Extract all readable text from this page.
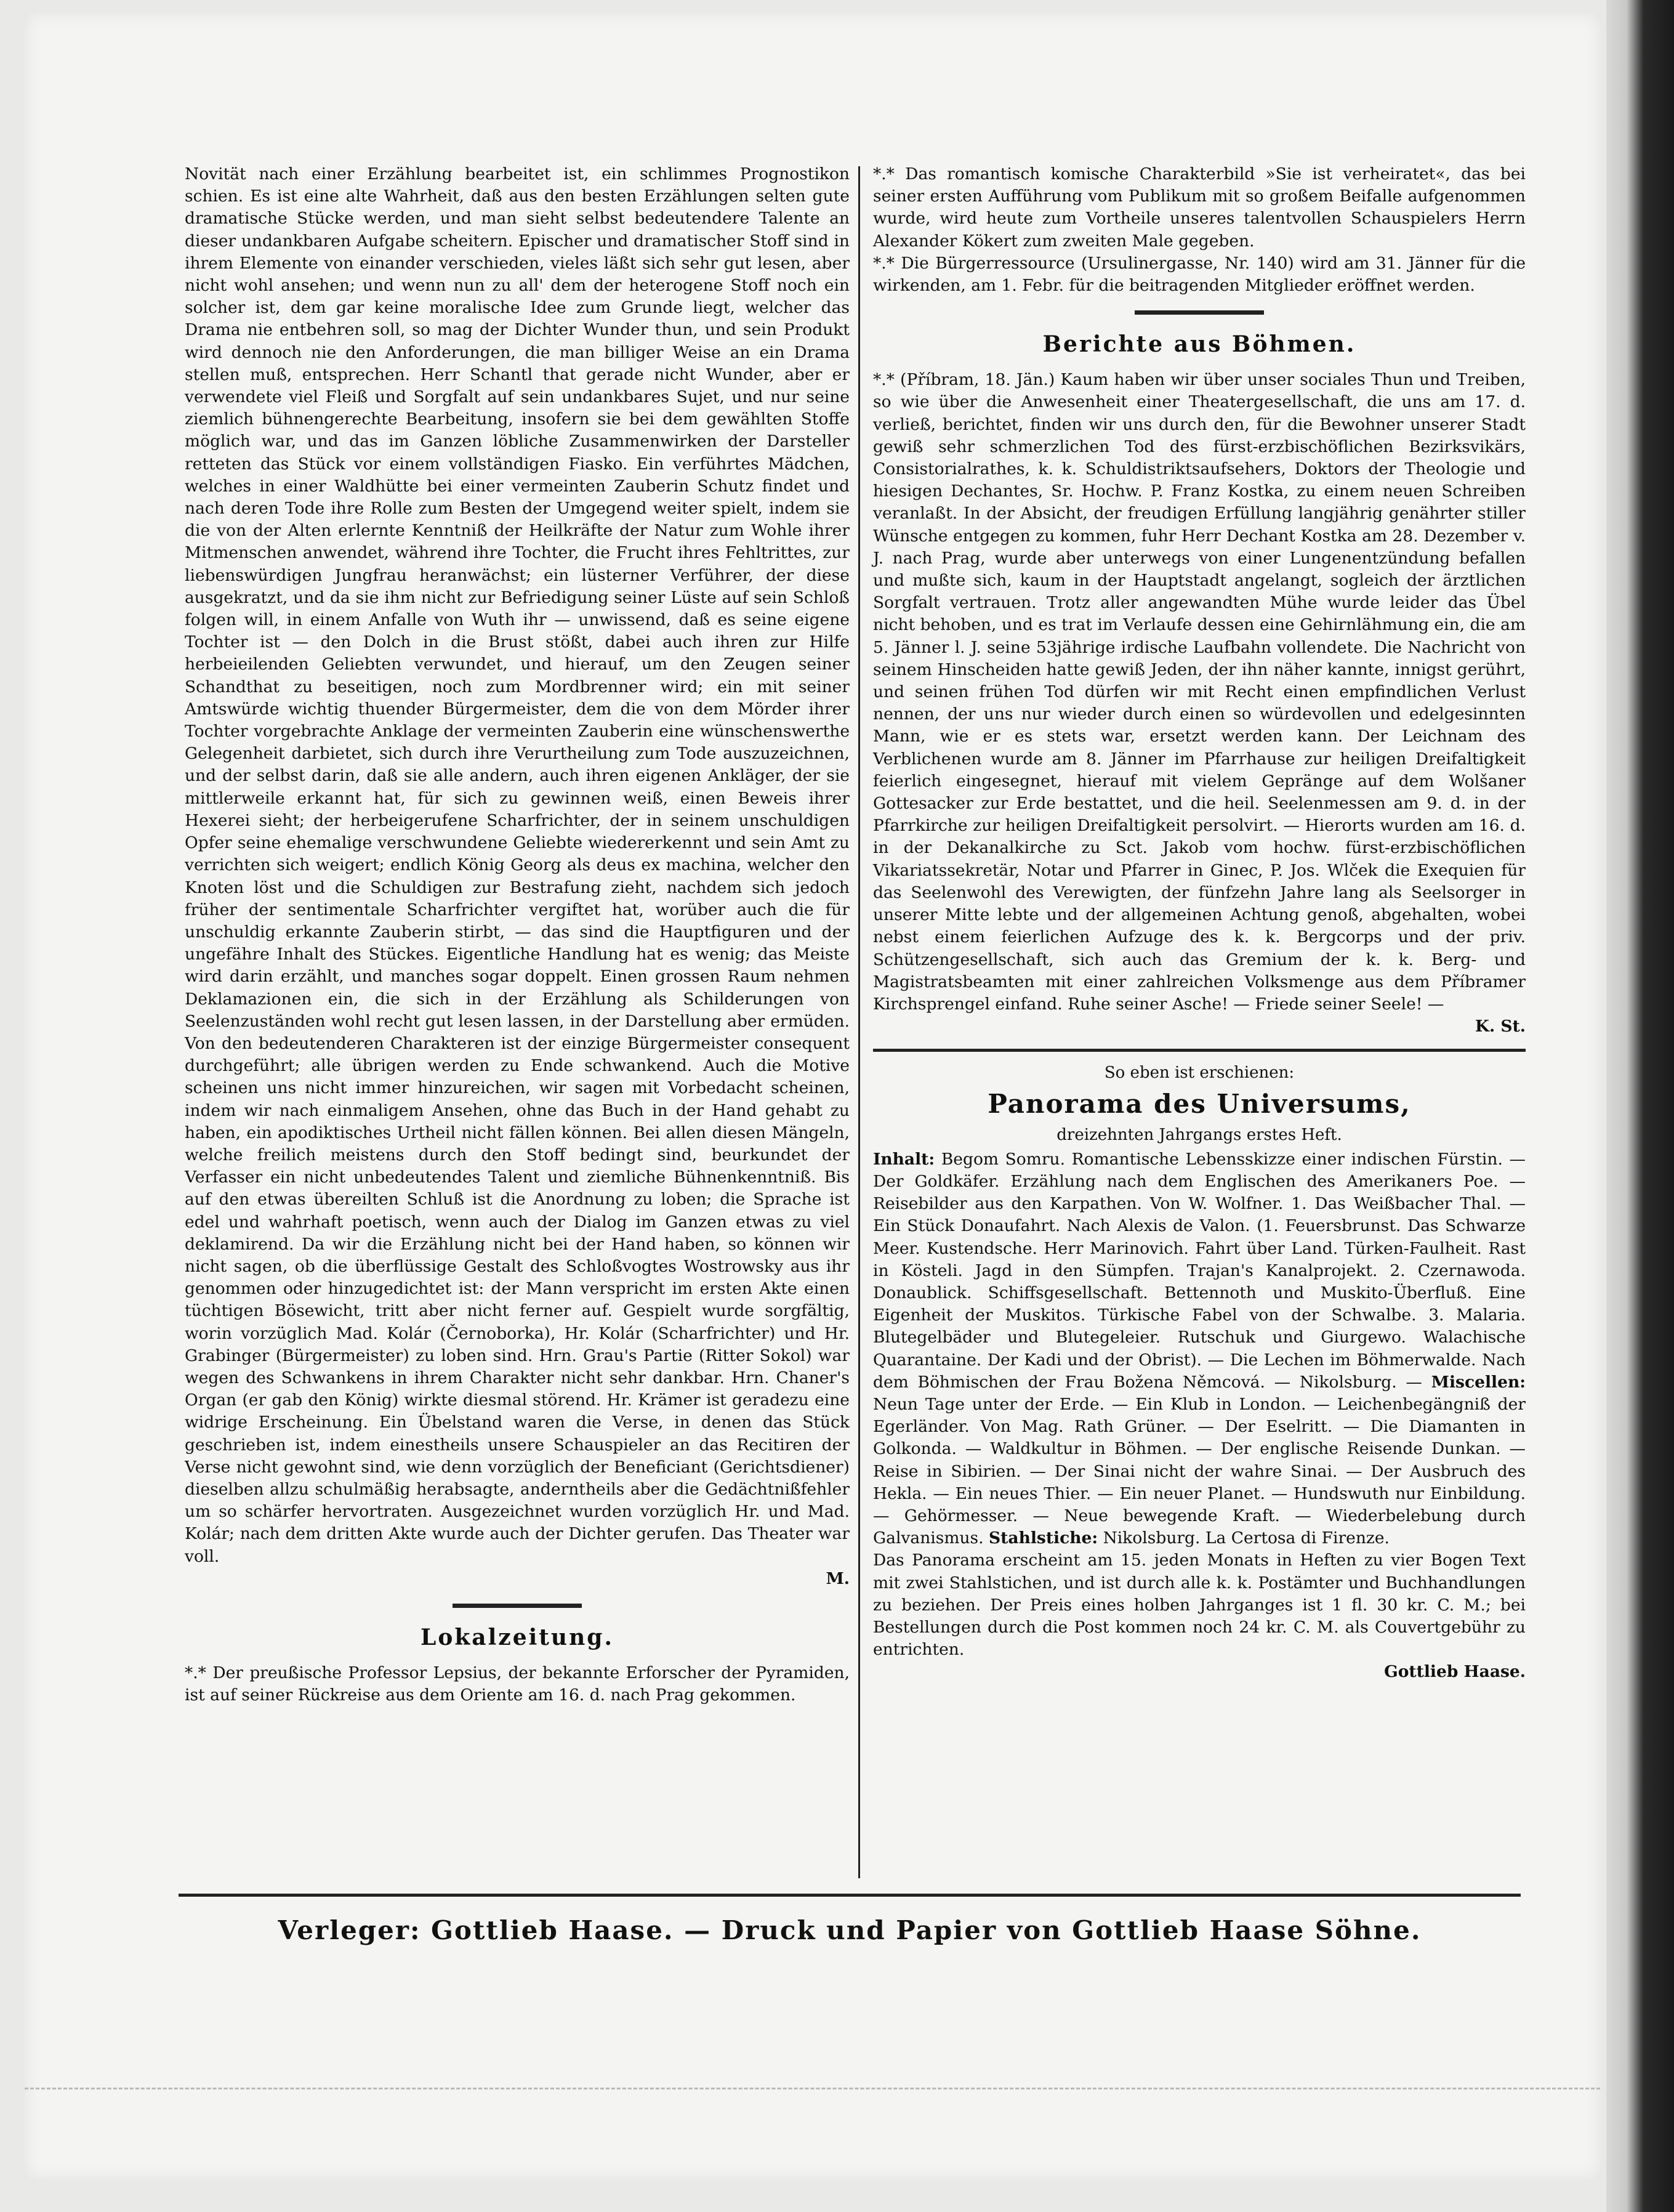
Novität nach einer Erzählung bearbeitet ist, ein schlimmes Prognostikon schien. Es ist eine alte Wahrheit, daß aus den besten Erzählungen selten gute dramatische Stücke werden, und man sieht selbst bedeutendere Talente an dieser undankbaren Aufgabe scheitern. Epischer und dramatischer Stoff sind in ihrem Elemente von einander verschieden, vieles läßt sich sehr gut lesen, aber nicht wohl ansehen; und wenn nun zu all' dem der heterogene Stoff noch ein solcher ist, dem gar keine moralische Idee zum Grunde liegt, welcher das Drama nie entbehren soll, so mag der Dichter Wunder thun, und sein Produkt wird dennoch nie den Anforderungen, die man billiger Weise an ein Drama stellen muß, entsprechen. Herr Schantl that gerade nicht Wunder, aber er verwendete viel Fleiß und Sorgfalt auf sein undankbares Sujet, und nur seine ziemlich bühnengerechte Bearbeitung, insofern sie bei dem gewählten Stoffe möglich war, und das im Ganzen löbliche Zusammenwirken der Darsteller retteten das Stück vor einem vollständigen Fiasko. Ein verführtes Mädchen, welches in einer Waldhütte bei einer vermeinten Zauberin Schutz findet und nach deren Tode ihre Rolle zum Besten der Umgegend weiter spielt, indem sie die von der Alten erlernte Kenntniß der Heilkräfte der Natur zum Wohle ihrer Mitmenschen anwendet, während ihre Tochter, die Frucht ihres Fehltrittes, zur liebenswürdigen Jungfrau heranwächst; ein lüsterner Verführer, der diese ausgekratzt, und da sie ihm nicht zur Befriedigung seiner Lüste auf sein Schloß folgen will, in einem Anfalle von Wuth ihr — unwissend, daß es seine eigene Tochter ist — den Dolch in die Brust stößt, dabei auch ihren zur Hilfe herbeieilenden Geliebten verwundet, und hierauf, um den Zeugen seiner Schandthat zu beseitigen, noch zum Mordbrenner wird; ein mit seiner Amtswürde wichtig thuender Bürgermeister, dem die von dem Mörder ihrer Tochter vorgebrachte Anklage der vermeinten Zauberin eine wünschenswerthe Gelegenheit darbietet, sich durch ihre Verurtheilung zum Tode auszuzeichnen, und der selbst darin, daß sie alle andern, auch ihren eigenen Ankläger, der sie mittlerweile erkannt hat, für sich zu gewinnen weiß, einen Beweis ihrer Hexerei sieht; der herbeigerufene Scharfrichter, der in seinem unschuldigen Opfer seine ehemalige verschwundene Geliebte wiedererkennt und sein Amt zu verrichten sich weigert; endlich König Georg als deus ex machina, welcher den Knoten löst und die Schuldigen zur Bestrafung zieht, nachdem sich jedoch früher der sentimentale Scharfrichter vergiftet hat, worüber auch die für unschuldig erkannte Zauberin stirbt, — das sind die Hauptfiguren und der ungefähre Inhalt des Stückes. Eigentliche Handlung hat es wenig; das Meiste wird darin erzählt, und manches sogar doppelt. Einen grossen Raum nehmen Deklamazionen ein, die sich in der Erzählung als Schilderungen von Seelenzuständen wohl recht gut lesen lassen, in der Darstellung aber ermüden. Von den bedeutenderen Charakteren ist der einzige Bürgermeister consequent durchgeführt; alle übrigen werden zu Ende schwankend. Auch die Motive scheinen uns nicht immer hinzureichen, wir sagen mit Vorbedacht scheinen, indem wir nach einmaligem Ansehen, ohne das Buch in der Hand gehabt zu haben, ein apodiktisches Urtheil nicht fällen können. Bei allen diesen Mängeln, welche freilich meistens durch den Stoff bedingt sind, beurkundet der Verfasser ein nicht unbedeutendes Talent und ziemliche Bühnenkenntniß. Bis auf den etwas übereilten Schluß ist die Anordnung zu loben; die Sprache ist edel und wahrhaft poetisch, wenn auch der Dialog im Ganzen etwas zu viel deklamirend. Da wir die Erzählung nicht bei der Hand haben, so können wir nicht sagen, ob die überflüssige Gestalt des Schloßvogtes Wostrowsky aus ihr genommen oder hinzugedichtet ist: der Mann verspricht im ersten Akte einen tüchtigen Bösewicht, tritt aber nicht ferner auf. Gespielt wurde sorgfältig, worin vorzüglich Mad. Kolár (Černoborka), Hr. Kolár (Scharfrichter) und Hr. Grabinger (Bürgermeister) zu loben sind. Hrn. Grau's Partie (Ritter Sokol) war wegen des Schwankens in ihrem Charakter nicht sehr dankbar. Hrn. Chaner's Organ (er gab den König) wirkte diesmal störend. Hr. Krämer ist geradezu eine widrige Erscheinung. Ein Übelstand waren die Verse, in denen das Stück geschrieben ist, indem einestheils unsere Schauspieler an das Recitiren der Verse nicht gewohnt sind, wie denn vorzüglich der Beneficiant (Gerichtsdiener) dieselben allzu schulmäßig herabsagte, anderntheils aber die Gedächtnißfehler um so schärfer hervortraten. Ausgezeichnet wurden vorzüglich Hr. und Mad. Kolár; nach dem dritten Akte wurde auch der Dichter gerufen. Das Theater war voll.

M.

Lokalzeitung.

*.* Der preußische Professor Lepsius, der bekannte Erforscher der Pyramiden, ist auf seiner Rückreise aus dem Oriente am 16. d. nach Prag gekommen.

*.* Das romantisch komische Charakterbild »Sie ist verheiratet«, das bei seiner ersten Aufführung vom Publikum mit so großem Beifalle aufgenommen wurde, wird heute zum Vortheile unseres talentvollen Schauspielers Herrn Alexander Kökert zum zweiten Male gegeben.

*.* Die Bürgerressource (Ursulinergasse, Nr. 140) wird am 31. Jänner für die wirkenden, am 1. Febr. für die beitragenden Mitglieder eröffnet werden.

Berichte aus Böhmen.

*.* (Příbram, 18. Jän.) Kaum haben wir über unser sociales Thun und Treiben, so wie über die Anwesenheit einer Theatergesellschaft, die uns am 17. d. verließ, berichtet, finden wir uns durch den, für die Bewohner unserer Stadt gewiß sehr schmerzlichen Tod des fürst-erzbischöflichen Bezirksvikärs, Consistorialrathes, k. k. Schuldistriktsaufsehers, Doktors der Theologie und hiesigen Dechantes, Sr. Hochw. P. Franz Kostka, zu einem neuen Schreiben veranlaßt. In der Absicht, der freudigen Erfüllung langjährig genährter stiller Wünsche entgegen zu kommen, fuhr Herr Dechant Kostka am 28. Dezember v. J. nach Prag, wurde aber unterwegs von einer Lungenentzündung befallen und mußte sich, kaum in der Hauptstadt angelangt, sogleich der ärztlichen Sorgfalt vertrauen. Trotz aller angewandten Mühe wurde leider das Übel nicht behoben, und es trat im Verlaufe dessen eine Gehirnlähmung ein, die am 5. Jänner l. J. seine 53jährige irdische Laufbahn vollendete. Die Nachricht von seinem Hinscheiden hatte gewiß Jeden, der ihn näher kannte, innigst gerührt, und seinen frühen Tod dürfen wir mit Recht einen empfindlichen Verlust nennen, der uns nur wieder durch einen so würdevollen und edelgesinnten Mann, wie er es stets war, ersetzt werden kann. Der Leichnam des Verblichenen wurde am 8. Jänner im Pfarrhause zur heiligen Dreifaltigkeit feierlich eingesegnet, hierauf mit vielem Gepränge auf dem Wolšaner Gottesacker zur Erde bestattet, und die heil. Seelenmessen am 9. d. in der Pfarrkirche zur heiligen Dreifaltigkeit persolvirt. — Hierorts wurden am 16. d. in der Dekanalkirche zu Sct. Jakob vom hochw. fürst-erzbischöflichen Vikariatssekretär, Notar und Pfarrer in Ginec, P. Jos. Wlček die Exequien für das Seelenwohl des Verewigten, der fünfzehn Jahre lang als Seelsorger in unserer Mitte lebte und der allgemeinen Achtung genoß, abgehalten, wobei nebst einem feierlichen Aufzuge des k. k. Bergcorps und der priv. Schützengesellschaft, sich auch das Gremium der k. k. Berg- und Magistratsbeamten mit einer zahlreichen Volksmenge aus dem Příbramer Kirchsprengel einfand. Ruhe seiner Asche! — Friede seiner Seele! —

K. St.

So eben ist erschienen:
Panorama des Universums,
dreizehnten Jahrgangs erstes Heft.

Inhalt: Begom Somru. Romantische Lebensskizze einer indischen Fürstin. — Der Goldkäfer. Erzählung nach dem Englischen des Amerikaners Poe. — Reisebilder aus den Karpathen. Von W. Wolfner. 1. Das Weißbacher Thal. — Ein Stück Donaufahrt. Nach Alexis de Valon. (1. Feuersbrunst. Das Schwarze Meer. Kustendsche. Herr Marinovich. Fahrt über Land. Türken-Faulheit. Rast in Kösteli. Jagd in den Sümpfen. Trajan's Kanalprojekt. 2. Czernawoda. Donaublick. Schiffsgesellschaft. Bettennoth und Muskito-Überfluß. Eine Eigenheit der Muskitos. Türkische Fabel von der Schwalbe. 3. Malaria. Blutegelbäder und Blutegeleier. Rutschuk und Giurgewo. Walachische Quarantaine. Der Kadi und der Obrist). — Die Lechen im Böhmerwalde. Nach dem Böhmischen der Frau Božena Němcová. — Nikolsburg. — Miscellen: Neun Tage unter der Erde. — Ein Klub in London. — Leichenbegängniß der Egerländer. Von Mag. Rath Grüner. — Der Eselritt. — Die Diamanten in Golkonda. — Waldkultur in Böhmen. — Der englische Reisende Dunkan. — Reise in Sibirien. — Der Sinai nicht der wahre Sinai. — Der Ausbruch des Hekla. — Ein neues Thier. — Ein neuer Planet. — Hundswuth nur Einbildung. — Gehörmesser. — Neue bewegende Kraft. — Wiederbelebung durch Galvanismus. Stahlstiche: Nikolsburg. La Certosa di Firenze.

Das Panorama erscheint am 15. jeden Monats in Heften zu vier Bogen Text mit zwei Stahlstichen, und ist durch alle k. k. Postämter und Buchhandlungen zu beziehen. Der Preis eines holben Jahrganges ist 1 fl. 30 kr. C. M.; bei Bestellungen durch die Post kommen noch 24 kr. C. M. als Couvertgebühr zu entrichten.

Gottlieb Haase.

Verleger: Gottlieb Haase. — Druck und Papier von Gottlieb Haase Söhne.
